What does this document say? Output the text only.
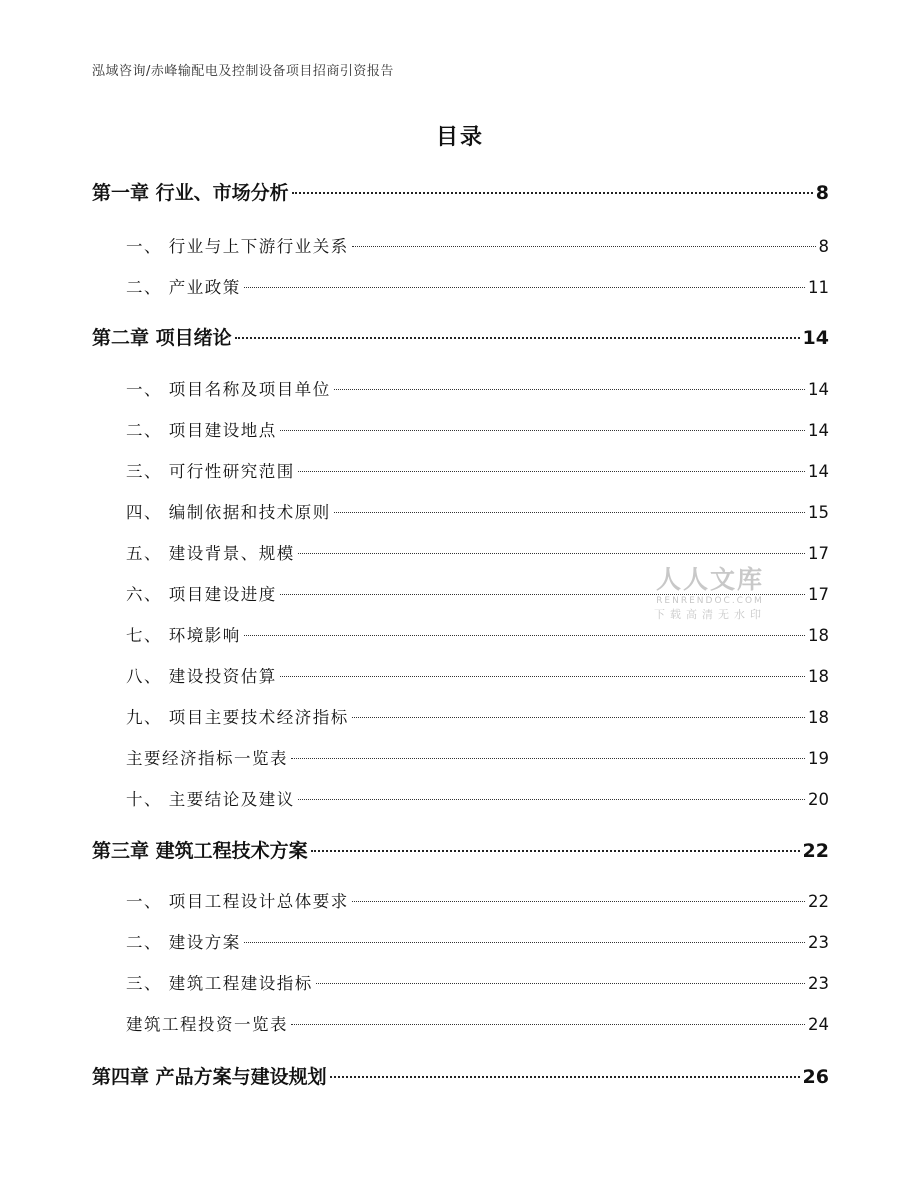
泓域咨询/赤峰输配电及控制设备项目招商引资报告
目录
第一章 行业、市场分析	8
一、 行业与上下游行业关系	8
二、 产业政策	11
第二章 项目绪论	14
一、 项目名称及项目单位	14
二、 项目建设地点	14
三、 可行性研究范围	14
四、 编制依据和技术原则	15
五、 建设背景、规模	17
六、 项目建设进度	17
七、 环境影响	18
八、 建设投资估算	18
九、 项目主要技术经济指标	18
主要经济指标一览表	19
十、 主要结论及建议	20
第三章 建筑工程技术方案	22
一、 项目工程设计总体要求	22
二、 建设方案	23
三、 建筑工程建设指标	23
建筑工程投资一览表	24
第四章 产品方案与建设规划	26
人人文库
RENRENDOC.COM
下载高清无水印
